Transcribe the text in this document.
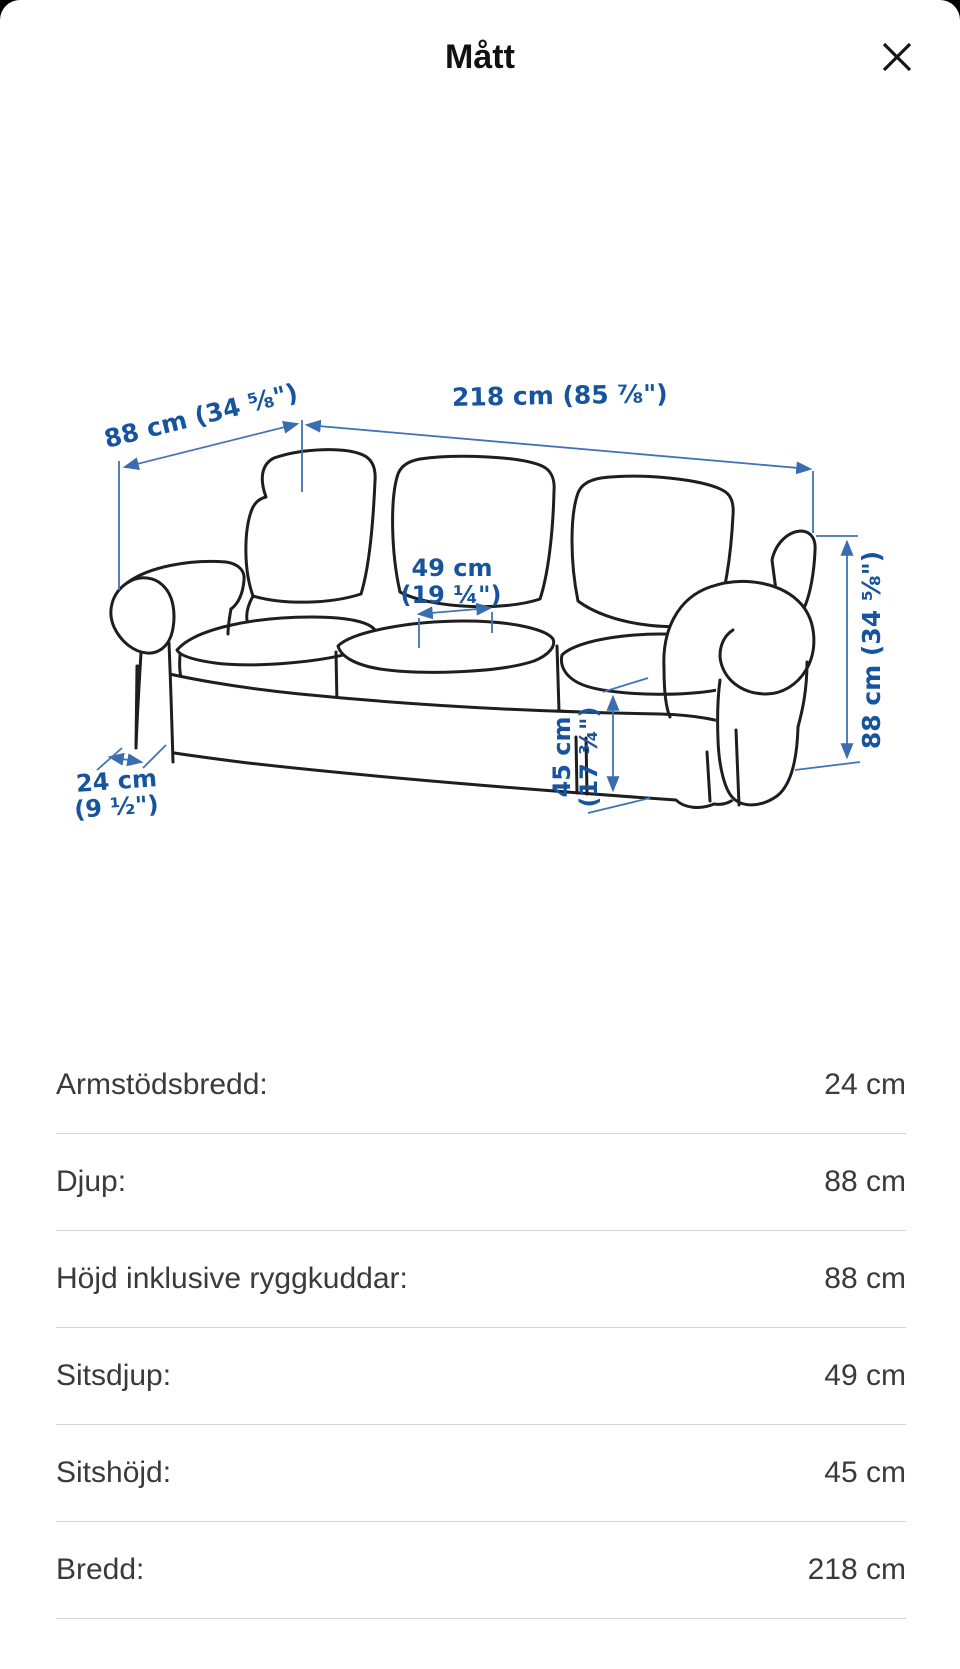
Mått
88 cm (34 ⅝")	218 cm (85 ⅞")
88 cm (34 ⅝")
49 cm
(19 ¼")
45 cm (17 ¾")
24 cm
(9 ½")
Armstödsbredd:	24 cm
Djup:	88 cm
Höjd inklusive ryggkuddar:	88 cm
Sitsdjup:	49 cm
Sitshöjd:	45 cm
Bredd:	218 cm
